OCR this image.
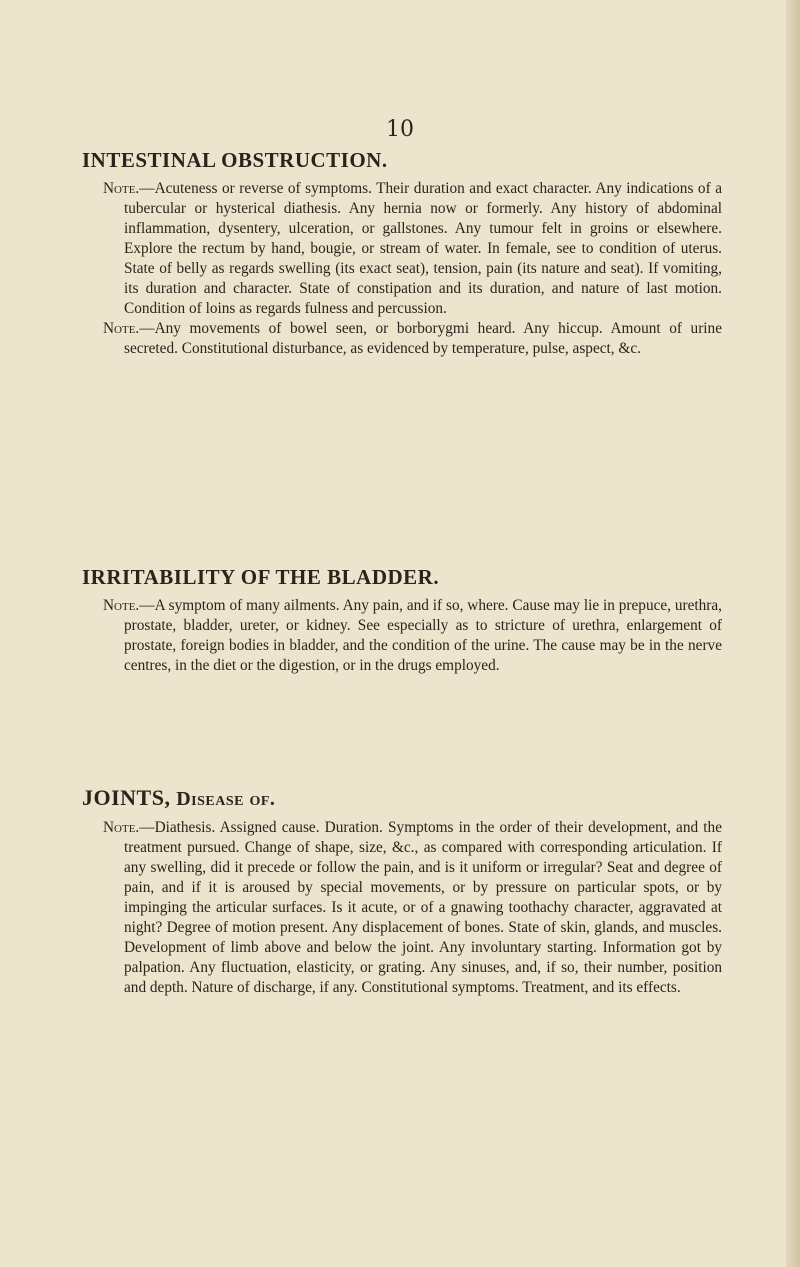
10
INTESTINAL OBSTRUCTION.

Note.—Acuteness or reverse of symptoms. Their duration and exact character. Any indications of a tubercular or hysterical diathesis. Any hernia now or formerly. Any history of abdominal inflammation, dysentery, ulceration, or gallstones. Any tumour felt in groins or elsewhere. Explore the rectum by hand, bougie, or stream of water. In female, see to condition of uterus. State of belly as regards swelling (its exact seat), tension, pain (its nature and seat). If vomiting, its duration and character. State of constipation and its duration, and nature of last motion. Condition of loins as regards fulness and percussion.

Note.—Any movements of bowel seen, or borborygmi heard. Any hiccup. Amount of urine secreted. Constitutional disturbance, as evidenced by temperature, pulse, aspect, &c.

IRRITABILITY OF THE BLADDER.

Note.—A symptom of many ailments. Any pain, and if so, where. Cause may lie in prepuce, urethra, prostate, bladder, ureter, or kidney. See especially as to stricture of urethra, enlargement of prostate, foreign bodies in bladder, and the condition of the urine. The cause may be in the nerve centres, in the diet or the digestion, or in the drugs employed.

JOINTS, Disease of.

Note.—Diathesis. Assigned cause. Duration. Symptoms in the order of their development, and the treatment pursued. Change of shape, size, &c., as compared with corresponding articulation. If any swelling, did it precede or follow the pain, and is it uniform or irregular? Seat and degree of pain, and if it is aroused by special movements, or by pressure on particular spots, or by impinging the articular surfaces. Is it acute, or of a gnawing toothachy character, aggravated at night? Degree of motion present. Any displacement of bones. State of skin, glands, and muscles. Development of limb above and below the joint. Any involuntary starting. Information got by palpation. Any fluctuation, elasticity, or grating. Any sinuses, and, if so, their number, position and depth. Nature of discharge, if any. Constitutional symptoms. Treatment, and its effects.
